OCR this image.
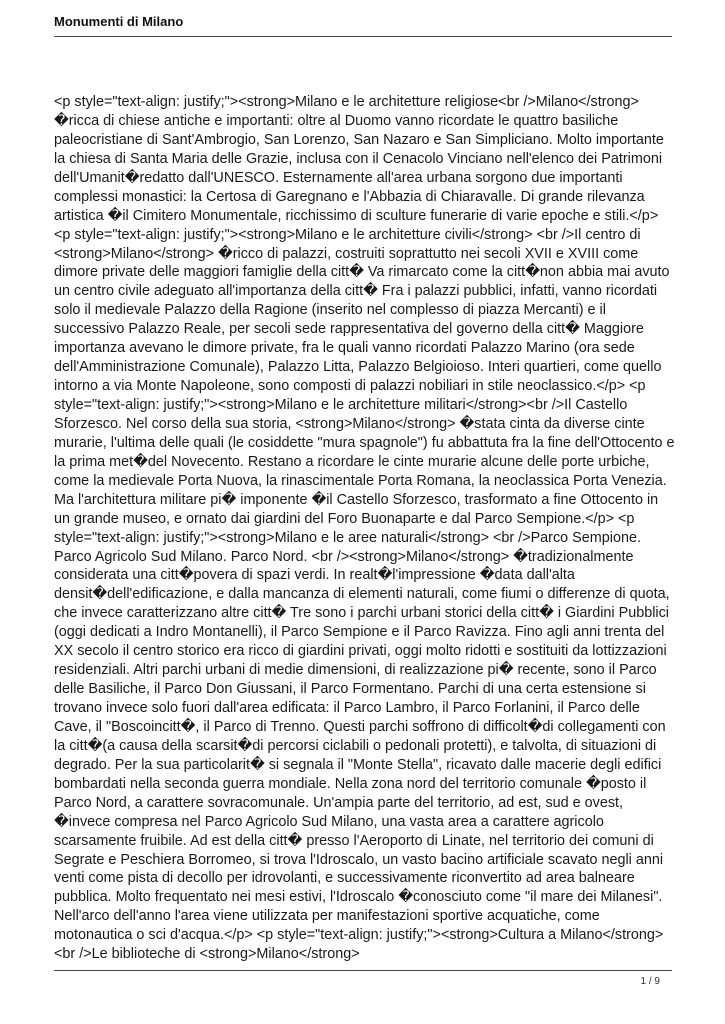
Monumenti di Milano
<p style="text-align: justify;"><strong>Milano e le architetture religiose<br />Milano</strong> �ricca di chiese antiche e importanti: oltre al Duomo vanno ricordate le quattro basiliche paleocristiane di Sant'Ambrogio, San Lorenzo, San Nazaro e San Simpliciano. Molto importante la chiesa di Santa Maria delle Grazie, inclusa con il Cenacolo Vinciano nell'elenco dei Patrimoni dell'Umanit�redatto dall'UNESCO. Esternamente all'area urbana sorgono due importanti complessi monastici: la Certosa di Garegnano e l'Abbazia di Chiaravalle. Di grande rilevanza artistica �il Cimitero Monumentale, ricchissimo di sculture funerarie di varie epoche e stili.</p> <p style="text-align: justify;"><strong>Milano e le architetture civili</strong> <br />Il centro di <strong>Milano</strong> �ricco di palazzi, costruiti soprattutto nei secoli XVII e XVIII come dimore private delle maggiori famiglie della citt� Va rimarcato come la citt�non abbia mai avuto un centro civile adeguato all'importanza della citt� Fra i palazzi pubblici, infatti, vanno ricordati solo il medievale Palazzo della Ragione (inserito nel complesso di piazza Mercanti) e il successivo Palazzo Reale, per secoli sede rappresentativa del governo della citt� Maggiore importanza avevano le dimore private, fra le quali vanno ricordati Palazzo Marino (ora sede dell'Amministrazione Comunale), Palazzo Litta, Palazzo Belgioioso. Interi quartieri, come quello intorno a via Monte Napoleone, sono composti di palazzi nobiliari in stile neoclassico.</p> <p style="text-align: justify;"><strong>Milano e le architetture militari</strong><br />Il Castello Sforzesco. Nel corso della sua storia, <strong>Milano</strong> �stata cinta da diverse cinte murarie, l'ultima delle quali (le cosiddette "mura spagnole") fu abbattuta fra la fine dell'Ottocento e la prima met�del Novecento. Restano a ricordare le cinte murarie alcune delle porte urbiche, come la medievale Porta Nuova, la rinascimentale Porta Romana, la neoclassica Porta Venezia. Ma l'architettura militare pi� imponente �il Castello Sforzesco, trasformato a fine Ottocento in un grande museo, e ornato dai giardini del Foro Buonaparte e dal Parco Sempione.</p> <p style="text-align: justify;"><strong>Milano e le aree naturali</strong> <br />Parco Sempione. Parco Agricolo Sud Milano. Parco Nord. <br /><strong>Milano</strong> �tradizionalmente considerata una citt�povera di spazi verdi. In realt�l'impressione �data dall'alta densit�dell'edificazione, e dalla mancanza di elementi naturali, come fiumi o differenze di quota, che invece caratterizzano altre citt� Tre sono i parchi urbani storici della citt� i Giardini Pubblici (oggi dedicati a Indro Montanelli), il Parco Sempione e il Parco Ravizza. Fino agli anni trenta del XX secolo il centro storico era ricco di giardini privati, oggi molto ridotti e sostituiti da lottizzazioni residenziali. Altri parchi urbani di medie dimensioni, di realizzazione pi� recente, sono il Parco delle Basiliche, il Parco Don Giussani, il Parco Formentano. Parchi di una certa estensione si trovano invece solo fuori dall'area edificata: il Parco Lambro, il Parco Forlanini, il Parco delle Cave, il "Boscoincitt�, il Parco di Trenno. Questi parchi soffrono di difficolt�di collegamenti con la citt�(a causa della scarsit�di percorsi ciclabili o pedonali protetti), e talvolta, di situazioni di degrado. Per la sua particolarit� si segnala il "Monte Stella", ricavato dalle macerie degli edifici bombardati nella seconda guerra mondiale. Nella zona nord del territorio comunale �posto il Parco Nord, a carattere sovracomunale. Un'ampia parte del territorio, ad est, sud e ovest, �invece compresa nel Parco Agricolo Sud Milano, una vasta area a carattere agricolo scarsamente fruibile. Ad est della citt� presso l'Aeroporto di Linate, nel territorio dei comuni di Segrate e Peschiera Borromeo, si trova l'Idroscalo, un vasto bacino artificiale scavato negli anni venti come pista di decollo per idrovolanti, e successivamente riconvertito ad area balneare pubblica. Molto frequentato nei mesi estivi, l'Idroscalo �conosciuto come "il mare dei Milanesi". Nell'arco dell'anno l'area viene utilizzata per manifestazioni sportive acquatiche, come motonautica o sci d'acqua.</p> <p style="text-align: justify;"><strong>Cultura a Milano</strong> <br />Le biblioteche di <strong>Milano</strong>
1 / 9
